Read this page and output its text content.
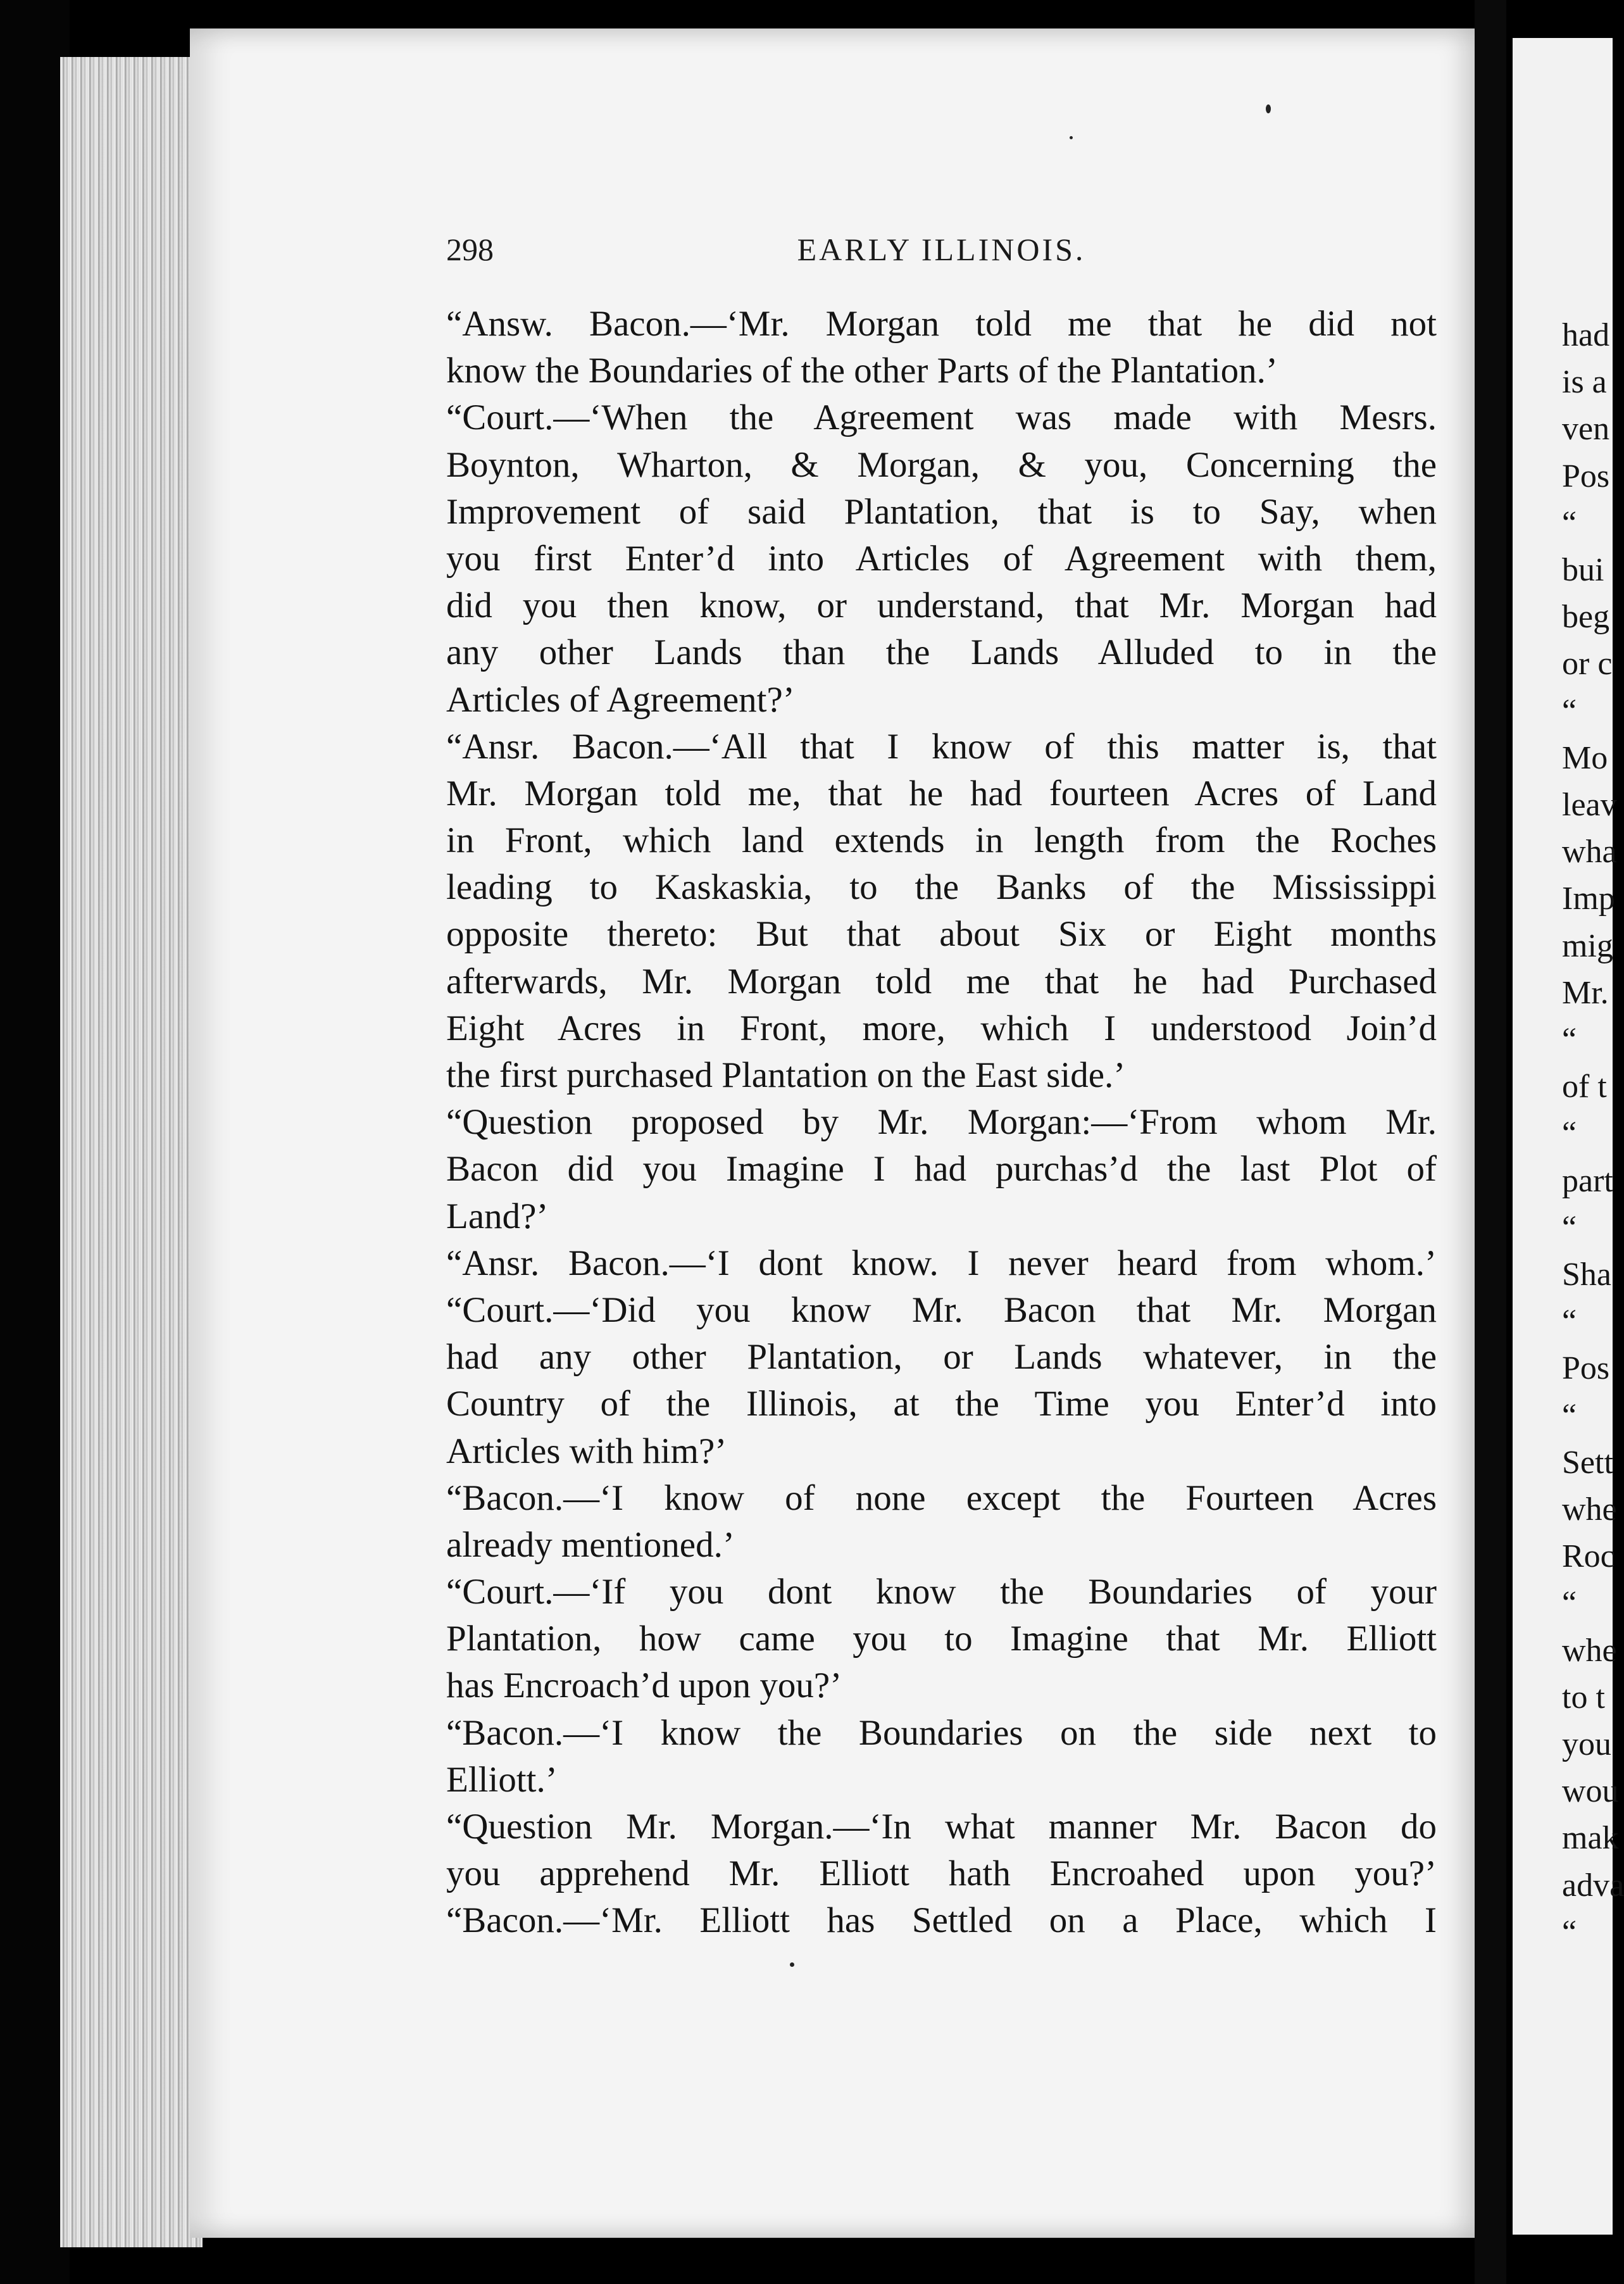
had
is a
ven
Pos
“
bui
beg
or c
“
Mo
leav
wha
Imp
mig
Mr.
“
of t
“
part
“
Sha
“
Pos
“
Sett
whe
Roc
“
whe
to t
you
wou
mak
adva
“
298	EARLY ILLINOIS.
“Answ. Bacon.—‘Mr. Morgan told me that he did not
know the Boundaries of the other Parts of the Plantation.’
“Court.—‘When the Agreement was made with Mesrs.
Boynton, Wharton, & Morgan, & you, Concerning the
Improvement of said Plantation, that is to Say, when
you first Enter’d into Articles of Agreement with them,
did you then know, or understand, that Mr. Morgan had
any other Lands than the Lands Alluded to in the
Articles of Agreement?’
“Ansr. Bacon.—‘All that I know of this matter is, that
Mr. Morgan told me, that he had fourteen Acres of Land
in Front, which land extends in length from the Roches
leading to Kaskaskia, to the Banks of the Mississippi
opposite thereto: But that about Six or Eight months
afterwards, Mr. Morgan told me that he had Purchased
Eight Acres in Front, more, which I understood Join’d
the first purchased Plantation on the East side.’
“Question proposed by Mr. Morgan:—‘From whom Mr.
Bacon did you Imagine I had purchas’d the last Plot of
Land?’
“Ansr. Bacon.—‘I dont know. I never heard from whom.’
“Court.—‘Did you know Mr. Bacon that Mr. Morgan
had any other Plantation, or Lands whatever, in the
Country of the Illinois, at the Time you Enter’d into
Articles with him?’
“Bacon.—‘I know of none except the Fourteen Acres
already mentioned.’
“Court.—‘If you dont know the Boundaries of your
Plantation, how came you to Imagine that Mr. Elliott
has Encroach’d upon you?’
“Bacon.—‘I know the Boundaries on the side next to
Elliott.’
“Question Mr. Morgan.—‘In what manner Mr. Bacon do
you apprehend Mr. Elliott hath Encroahed upon you?’
“Bacon.—‘Mr. Elliott has Settled on a Place, which I
